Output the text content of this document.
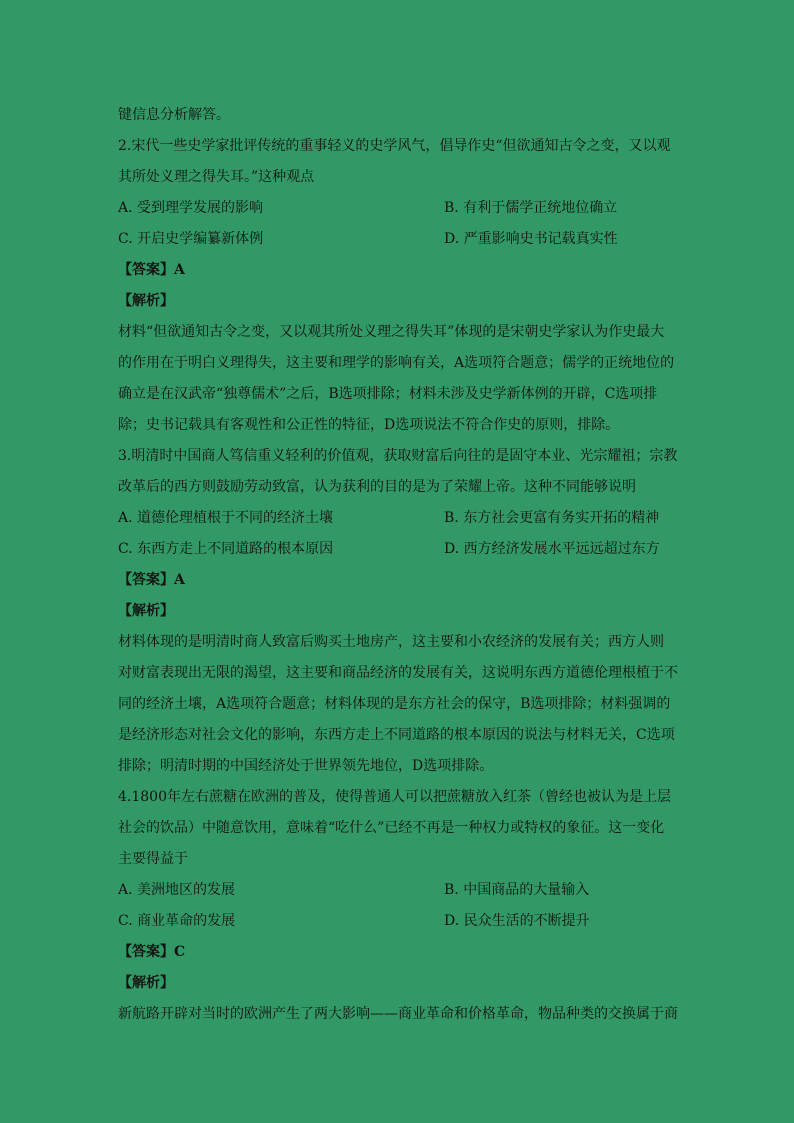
键信息分析解答。
2.宋代一些史学家批评传统的重事轻义的史学风气，倡导作史“但欲通知古令之变，又以观
其所处义理之得失耳。”这种观点
A. 受到理学发展的影响	B. 有利于儒学正统地位确立
C. 开启史学编纂新体例	D. 严重影响史书记载真实性
【答案】A
【解析】
材料“但欲通知古令之变，又以观其所处义理之得失耳”体现的是宋朝史学家认为作史最大
的作用在于明白义理得失，这主要和理学的影响有关，A选项符合题意；儒学的正统地位的
确立是在汉武帝“独尊儒术”之后，B选项排除；材料未涉及史学新体例的开辟，C选项排
除；史书记载具有客观性和公正性的特征，D选项说法不符合作史的原则，排除。
3.明清时中国商人笃信重义轻利的价值观，获取财富后向往的是固守本业、光宗耀祖；宗教
改革后的西方则鼓励劳动致富，认为获利的目的是为了荣耀上帝。这种不同能够说明
A. 道德伦理植根于不同的经济土壤	B. 东方社会更富有务实开拓的精神
C. 东西方走上不同道路的根本原因	D. 西方经济发展水平远远超过东方
【答案】A
【解析】
材料体现的是明清时商人致富后购买土地房产，这主要和小农经济的发展有关；西方人则
对财富表现出无限的渴望，这主要和商品经济的发展有关，这说明东西方道德伦理根植于不
同的经济土壤，A选项符合题意；材料体现的是东方社会的保守，B选项排除；材料强调的
是经济形态对社会文化的影响，东西方走上不同道路的根本原因的说法与材料无关，C选项
排除；明清时期的中国经济处于世界领先地位，D选项排除。
4.1800年左右蔗糖在欧洲的普及，使得普通人可以把蔗糖放入红茶（曾经也被认为是上层
社会的饮品）中随意饮用，意味着“吃什么”已经不再是一种权力或特权的象征。这一变化
主要得益于
A. 美洲地区的发展	B. 中国商品的大量输入
C. 商业革命的发展	D. 民众生活的不断提升
【答案】C
【解析】
新航路开辟对当时的欧洲产生了两大影响——商业革命和价格革命，物品种类的交换属于商
